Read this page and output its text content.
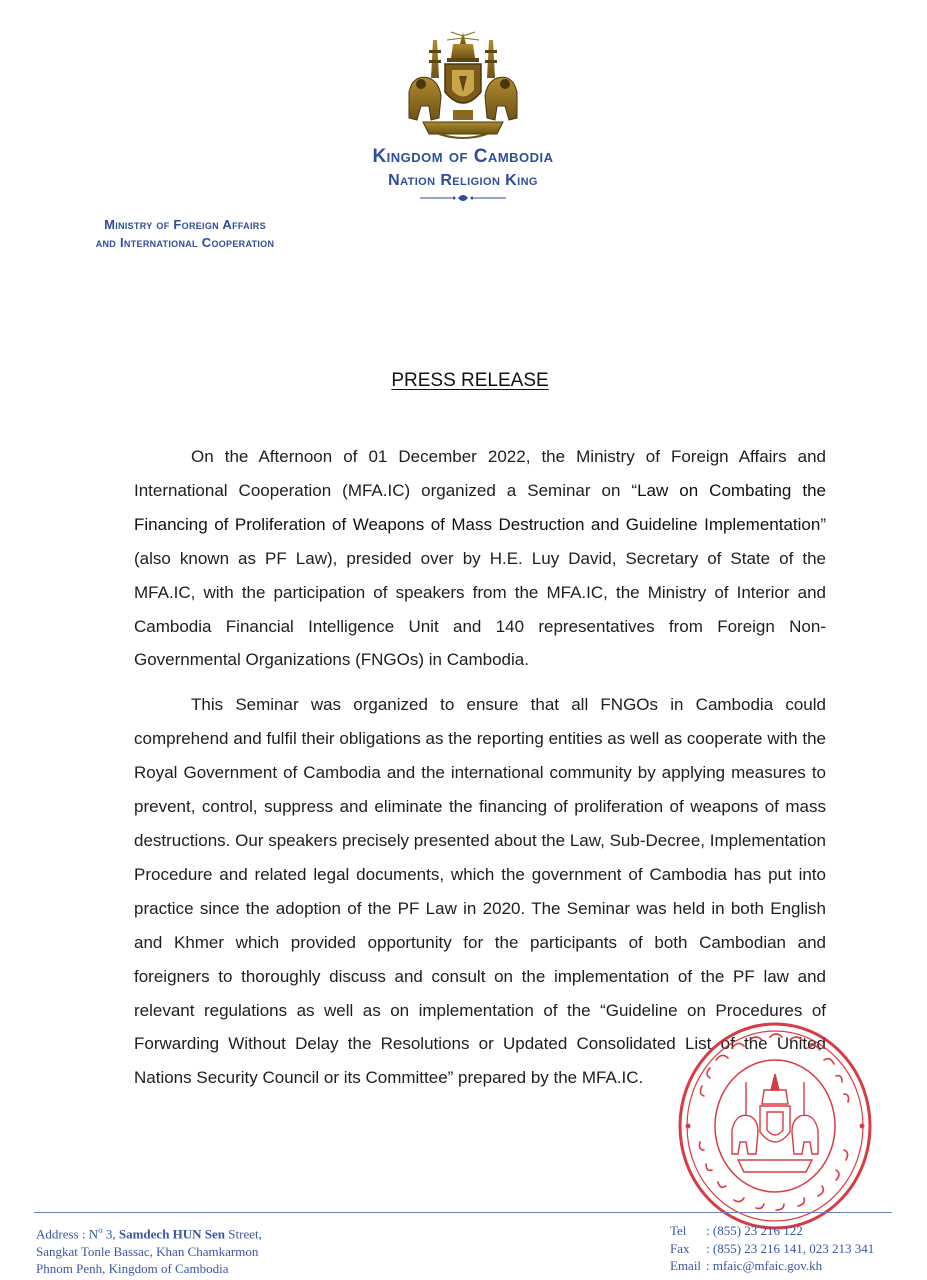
Kingdom of Cambodia
Nation Religion King
Ministry of Foreign Affairs
and International Cooperation
PRESS RELEASE

On the Afternoon of 01 December 2022, the Ministry of Foreign Affairs and International Cooperation (MFA.IC) organized a Seminar on “Law on Combating the Financing of Proliferation of Weapons of Mass Destruction and Guideline Implementation” (also known as PF Law), presided over by H.E. Luy David, Secretary of State of the MFA.IC, with the participation of speakers from the MFA.IC, the Ministry of Interior and Cambodia Financial Intelligence Unit and 140 representatives from Foreign Non-Governmental Organizations (FNGOs) in Cambodia.

This Seminar was organized to ensure that all FNGOs in Cambodia could comprehend and fulfil their obligations as the reporting entities as well as cooperate with the Royal Government of Cambodia and the international community by applying measures to prevent, control, suppress and eliminate the financing of proliferation of weapons of mass destructions. Our speakers precisely presented about the Law, Sub-Decree, Implementation Procedure and related legal documents, which the government of Cambodia has put into practice since the adoption of the PF Law in 2020. The Seminar was held in both English and Khmer which provided opportunity for the participants of both Cambodian and foreigners to thoroughly discuss and consult on the implementation of the PF law and relevant regulations as well as on implementation of the “Guideline on Procedures of Forwarding Without Delay the Resolutions or Updated Consolidated List of the United Nations Security Council or its Committee” prepared by the MFA.IC.

Address : $N^o$ 3, Samdech HUN Sen Street,
Sangkat Tonle Bassac, Khan Chamkarmon
Phnom Penh, Kingdom of Cambodia
Tel	: (855) 23 216 122
Fax	: (855) 23 216 141, 023 213 341
Email : mfaic@mfaic.gov.kh
